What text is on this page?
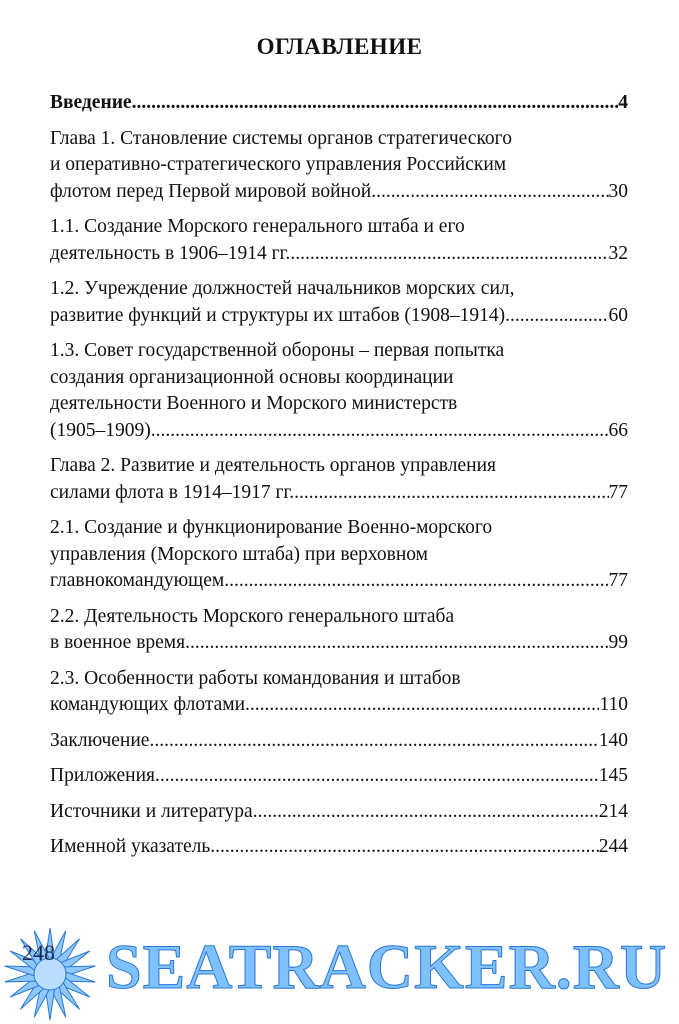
ОГЛАВЛЕНИЕ
Введение .....	4
Глава 1. Становление системы органов стратегического
и оперативно-стратегического управления Российским
флотом перед Первой мировой войной .....	30
1.1. Создание Морского генерального штаба и его
деятельность в 1906–1914 гг. .....	32
1.2. Учреждение должностей начальников морских сил,
развитие функций и структуры их штабов (1908–1914) .....	60
1.3. Совет государственной обороны – первая попытка
создания организационной основы координации
деятельности Военного и Морского министерств
(1905–1909) .....	66
Глава 2. Развитие и деятельность органов управления
силами флота в 1914–1917 гг. .....	77
2.1. Создание и функционирование Военно-морского
управления (Морского штаба) при верховном
главнокомандующем .....	77
2.2. Деятельность Морского генерального штаба
в военное время .....	99
2.3. Особенности работы командования и штабов
командующих флотами .....	110
Заключение .....	140
Приложения .....	145
Источники и литература .....	214
Именной указатель .....	244
248 SEATRACKER.RU
